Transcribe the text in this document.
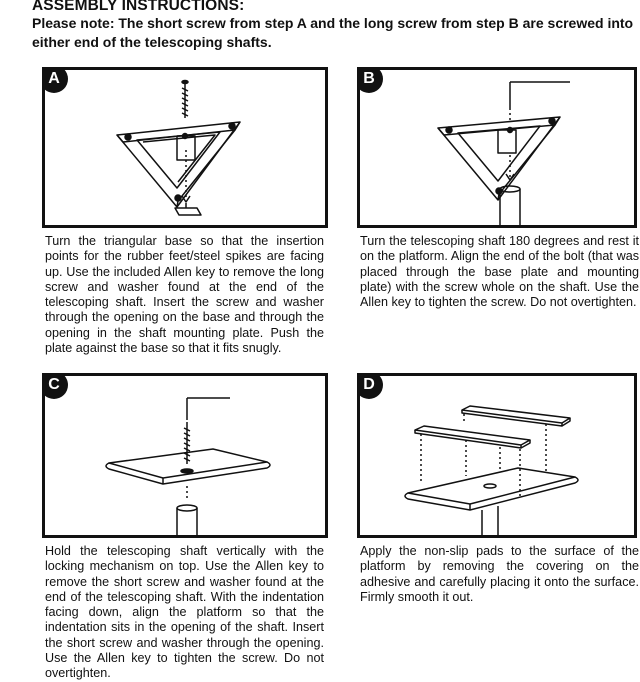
ASSEMBLY INSTRUCTIONS:
Please note: The short screw from step A and the long screw from step B are screwed into either end of the telescoping shafts.
A	B
Turn the triangular base so that the insertion points for the rubber feet/steel spikes are facing up. Use the included Allen key to remove the long screw and washer found at the end of the telescoping shaft. Insert the screw and washer through the opening on the base and through the opening in the shaft mounting plate. Push the plate against the base so that it fits snugly.
Turn the telescoping shaft 180 degrees and rest it on the platform. Align the end of the bolt (that was placed through the base plate and mounting plate) with the screw whole on the shaft. Use the Allen key to tighten the screw. Do not overtighten.
C	D
Hold the telescoping shaft vertically with the locking mechanism on top. Use the Allen key to remove the short screw and washer found at the end of the telescoping shaft. With the indentation facing down, align the platform so that the indentation sits in the opening of the shaft. Insert the short screw and washer through the opening. Use the Allen key to tighten the screw. Do not overtighten.
Apply the non-slip pads to the surface of the platform by removing the covering on the adhesive and carefully placing it onto the surface. Firmly smooth it out.
